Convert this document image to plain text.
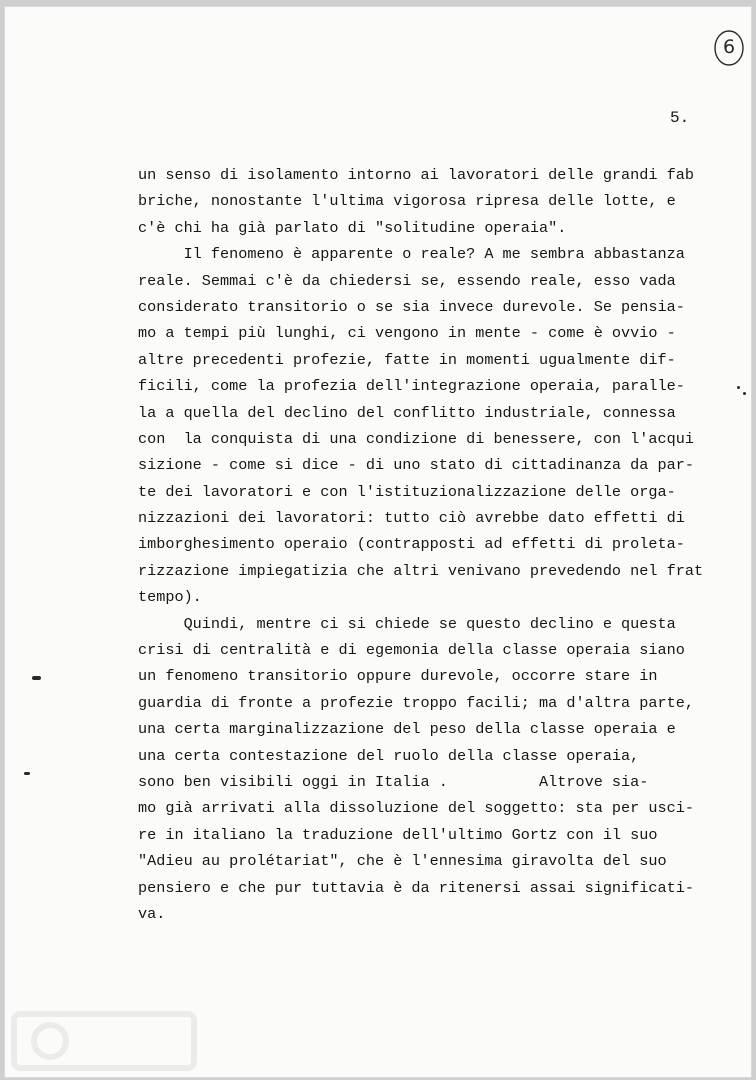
6
5.
un senso di isolamento intorno ai lavoratori delle grandi fab
briche, nonostante l'ultima vigorosa ripresa delle lotte, e
c'è chi ha già parlato di "solitudine operaia".
Il fenomeno è apparente o reale? A me sembra abbastanza
reale. Semmai c'è da chiedersi se, essendo reale, esso vada
considerato transitorio o se sia invece durevole. Se pensia-
mo a tempi più lunghi, ci vengono in mente - come è ovvio -
altre precedenti profezie, fatte in momenti ugualmente dif-
ficili, come la profezia dell'integrazione operaia, paralle-
la a quella del declino del conflitto industriale, connessa
con  la conquista di una condizione di benessere, con l'acqui
sizione - come si dice - di uno stato di cittadinanza da par-
te dei lavoratori e con l'istituzionalizzazione delle orga-
nizzazioni dei lavoratori: tutto ciò avrebbe dato effetti di
imborghesimento operaio (contrapposti ad effetti di proleta-
rizzazione impiegatizia che altri venivano prevedendo nel frat
tempo).
Quindi, mentre ci si chiede se questo declino e questa
crisi di centralità e di egemonia della classe operaia siano
un fenomeno transitorio oppure durevole, occorre stare in
guardia di fronte a profezie troppo facili; ma d'altra parte,
una certa marginalizzazione del peso della classe operaia e
una certa contestazione del ruolo della classe operaia,
sono ben visibili oggi in Italia .          Altrove sia-
mo già arrivati alla dissoluzione del soggetto: sta per usci-
re in italiano la traduzione dell'ultimo Gortz con il suo
"Adieu au prolétariat", che è l'ennesima giravolta del suo
pensiero e che pur tuttavia è da ritenersi assai significati-
va.
